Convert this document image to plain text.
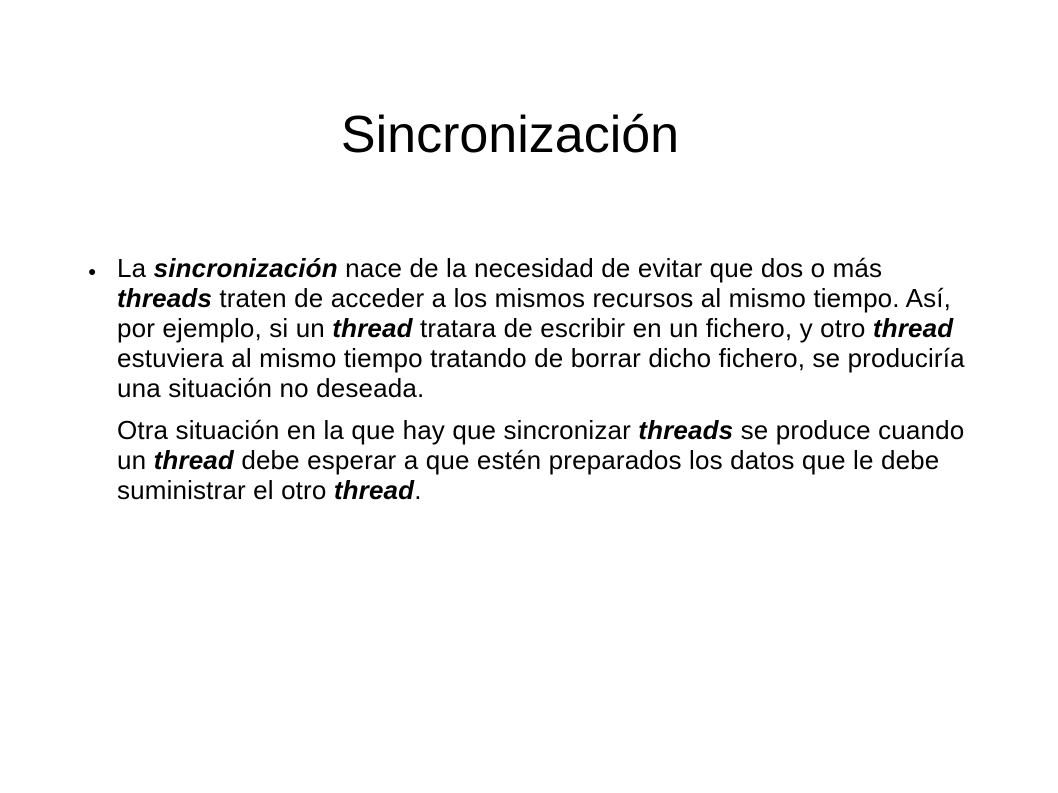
Sincronización
● La sincronización nace de la necesidad de evitar que dos o más threads traten de acceder a los mismos recursos al mismo tiempo. Así, por ejemplo, si un thread tratara de escribir en un fichero, y otro thread estuviera al mismo tiempo tratando de borrar dicho fichero, se produciría una situación no deseada.

Otra situación en la que hay que sincronizar threads se produce cuando un thread debe esperar a que estén preparados los datos que le debe suministrar el otro thread.
